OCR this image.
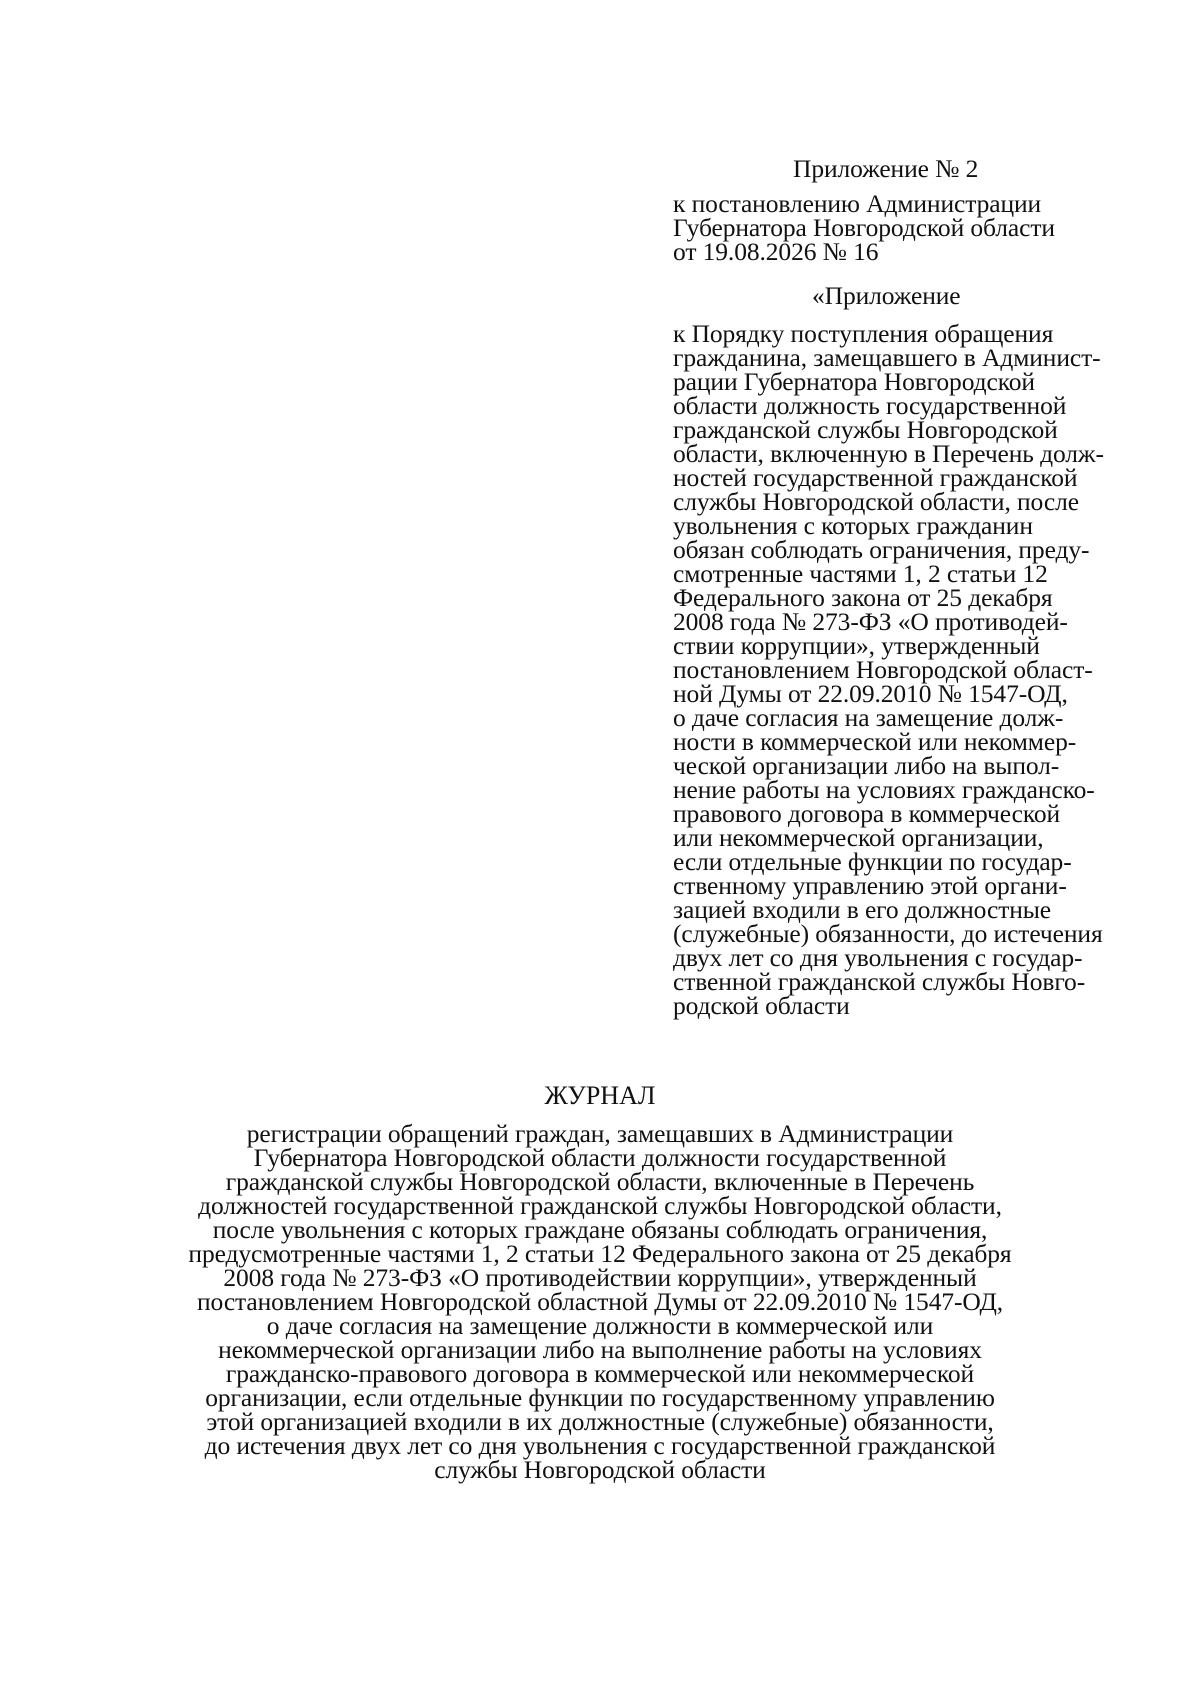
Приложение № 2
к постановлению Администрации
Губернатора Новгородской области
от 19.08.2026 № 16
«Приложение
к Порядку поступления обращения
гражданина, замещавшего в Админист-
рации Губернатора Новгородской
области должность государственной
гражданской службы Новгородской
области, включенную в Перечень долж-
ностей государственной гражданской
службы Новгородской области, после
увольнения с которых гражданин
обязан соблюдать ограничения, преду-
смотренные частями 1, 2 статьи 12
Федерального закона от 25 декабря
2008 года № 273-ФЗ «О противодей-
ствии коррупции», утвержденный
постановлением Новгородской област-
ной Думы от 22.09.2010 № 1547-ОД,
о даче согласия на замещение долж-
ности в коммерческой или некоммер-
ческой организации либо на выпол-
нение работы на условиях гражданско-
правового договора в коммерческой
или некоммерческой организации,
если отдельные функции по государ-
ственному управлению этой органи-
зацией входили в его должностные
(служебные) обязанности, до истечения
двух лет со дня увольнения с государ-
ственной гражданской службы Новго-
родской области
ЖУРНАЛ
регистрации обращений граждан, замещавших в Администрации
Губернатора Новгородской области должности государственной
гражданской службы Новгородской области, включенные в Перечень
должностей государственной гражданской службы Новгородской области,
после увольнения с которых граждане обязаны соблюдать ограничения,
предусмотренные частями 1, 2 статьи 12 Федерального закона от 25 декабря
2008 года № 273-ФЗ «О противодействии коррупции», утвержденный
постановлением Новгородской областной Думы от 22.09.2010 № 1547-ОД,
о даче согласия на замещение должности в коммерческой или
некоммерческой организации либо на выполнение работы на условиях
гражданско-правового договора в коммерческой или некоммерческой
организации, если отдельные функции по государственному управлению
этой организацией входили в их должностные (служебные) обязанности,
до истечения двух лет со дня увольнения с государственной гражданской
службы Новгородской области
